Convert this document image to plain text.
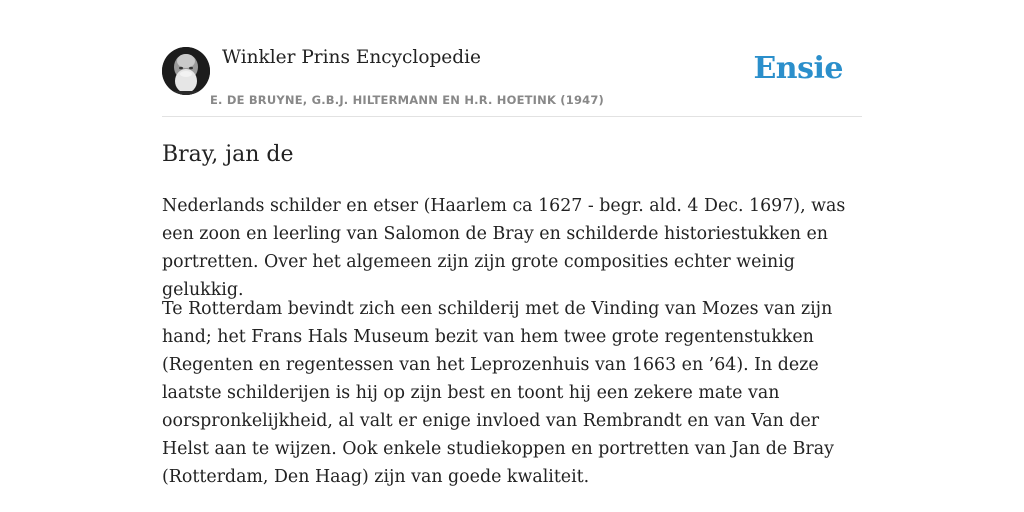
Winkler Prins Encyclopedie
E. DE BRUYNE, G.B.J. HILTERMANN EN H.R. HOETINK (1947)
Ensie
Bray, jan de

Nederlands schilder en etser (Haarlem ca 1627 - begr. ald. 4 Dec. 1697), was een zoon en leerling van Salomon de Bray en schilderde historiestukken en portretten. Over het algemeen zijn zijn grote composities echter weinig gelukkig.

Te Rotterdam bevindt zich een schilderij met de Vinding van Mozes van zijn hand; het Frans Hals Museum bezit van hem twee grote regentenstukken (Regenten en regentessen van het Leprozenhuis van 1663 en ’64). In deze laatste schilderijen is hij op zijn best en toont hij een zekere mate van oorspronkelijkheid, al valt er enige invloed van Rembrandt en van Van der Helst aan te wijzen. Ook enkele studiekoppen en portretten van Jan de Bray (Rotterdam, Den Haag) zijn van goede kwaliteit.
